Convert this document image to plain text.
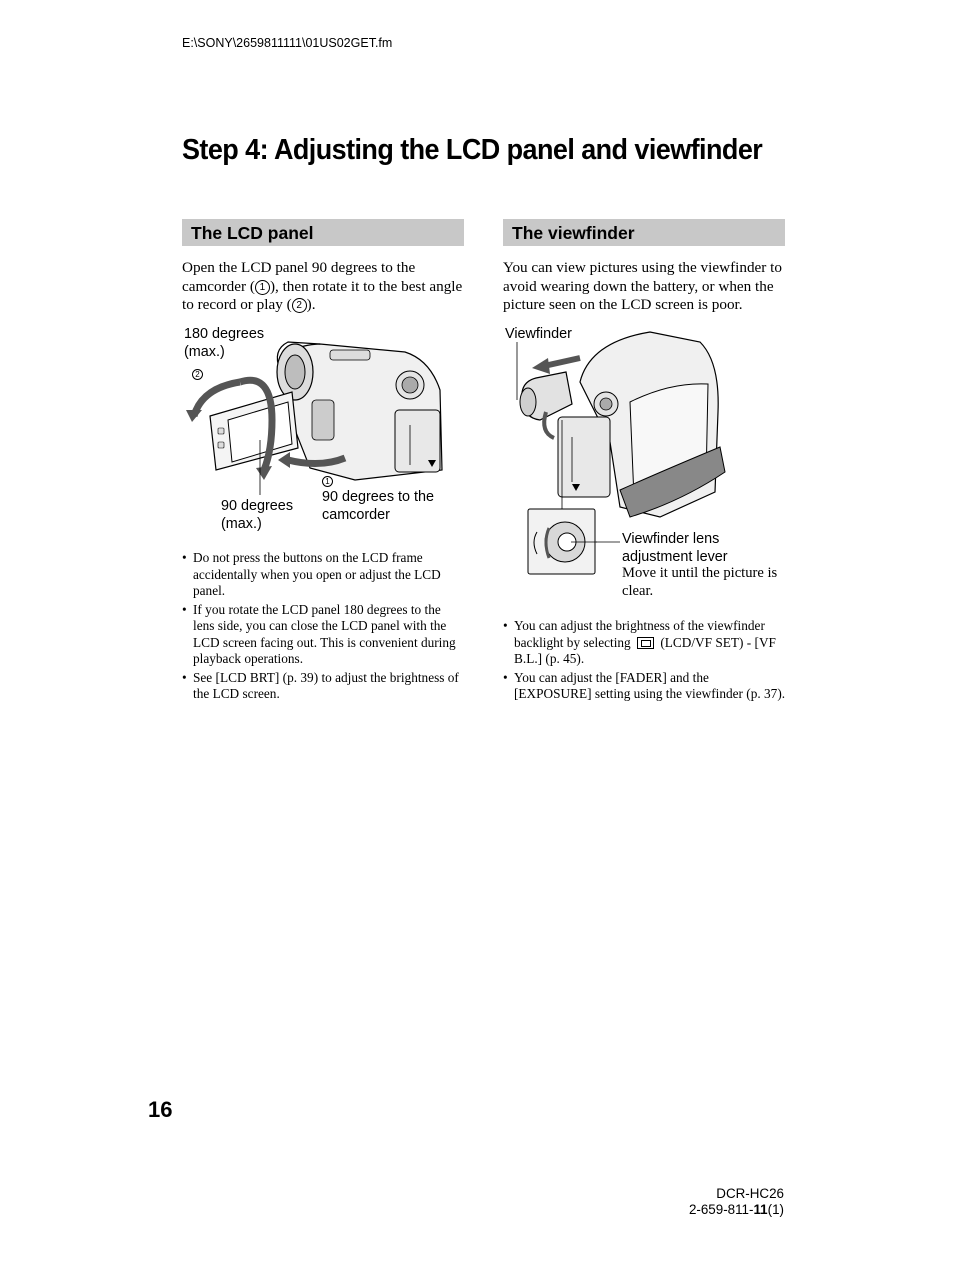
E:\SONY\2659811111\01US02GET.fm
Step 4: Adjusting the LCD panel and viewfinder
The LCD panel
Open the LCD panel 90 degrees to the camcorder ( 1 ), then rotate it to the best angle to record or play ( 2 ).
180 degrees
(max.)
2
1
90 degrees
(max.)
90 degrees to the
camcorder
• Do not press the buttons on the LCD frame accidentally when you open or adjust the LCD panel.
• If you rotate the LCD panel 180 degrees to the lens side, you can close the LCD panel with the LCD screen facing out. This is convenient during playback operations.
• See [LCD BRT] (p. 39) to adjust the brightness of the LCD screen.
The viewfinder
You can view pictures using the viewfinder to avoid wearing down the battery, or when the picture seen on the LCD screen is poor.
Viewfinder
Viewfinder lens
adjustment lever
Move it until the picture is clear.
• You can adjust the brightness of the viewfinder backlight by selecting (LCD/VF SET) - [VF B.L.] (p. 45).
• You can adjust the [FADER] and the [EXPOSURE] setting using the viewfinder (p. 37).
16
DCR-HC26
2-659-811-11(1)
